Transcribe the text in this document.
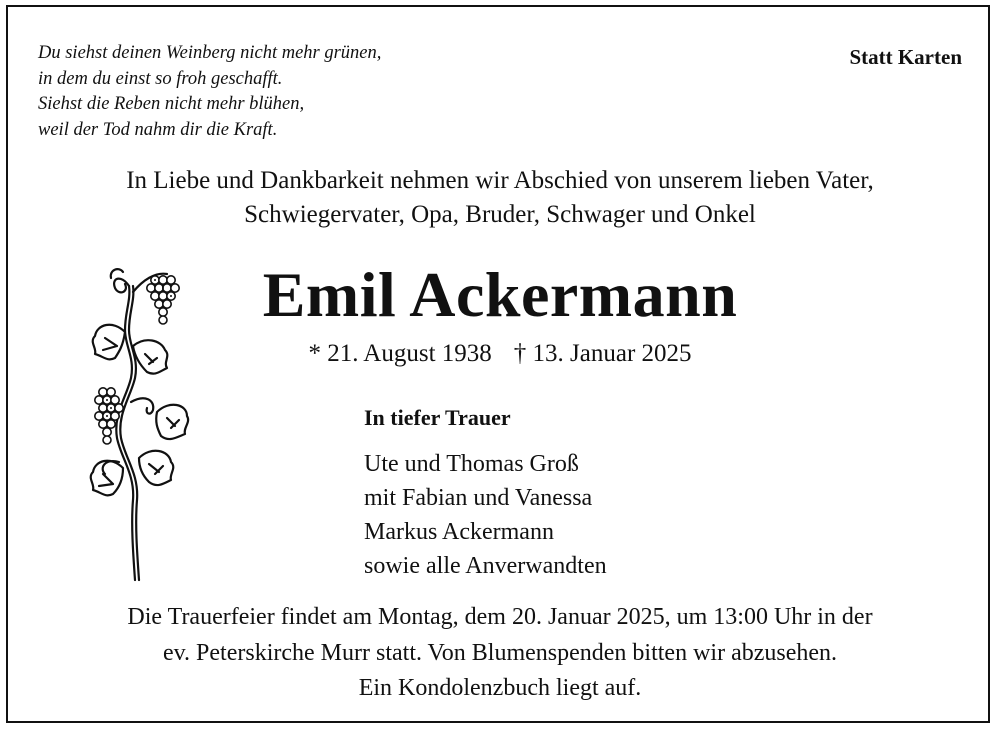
Du siehst deinen Weinberg nicht mehr grünen,
in dem du einst so froh geschafft.
Siehst die Reben nicht mehr blühen,
weil der Tod nahm dir die Kraft.
Statt Karten
In Liebe und Dankbarkeit nehmen wir Abschied von unserem lieben Vater,
Schwiegervater, Opa, Bruder, Schwager und Onkel
Emil Ackermann
* 21. August 1938 † 13. Januar 2025
In tiefer Trauer
Ute und Thomas Groß
mit Fabian und Vanessa
Markus Ackermann
sowie alle Anverwandten
Die Trauerfeier findet am Montag, dem 20. Januar 2025, um 13:00 Uhr in der
ev. Peterskirche Murr statt. Von Blumenspenden bitten wir abzusehen.
Ein Kondolenzbuch liegt auf.
